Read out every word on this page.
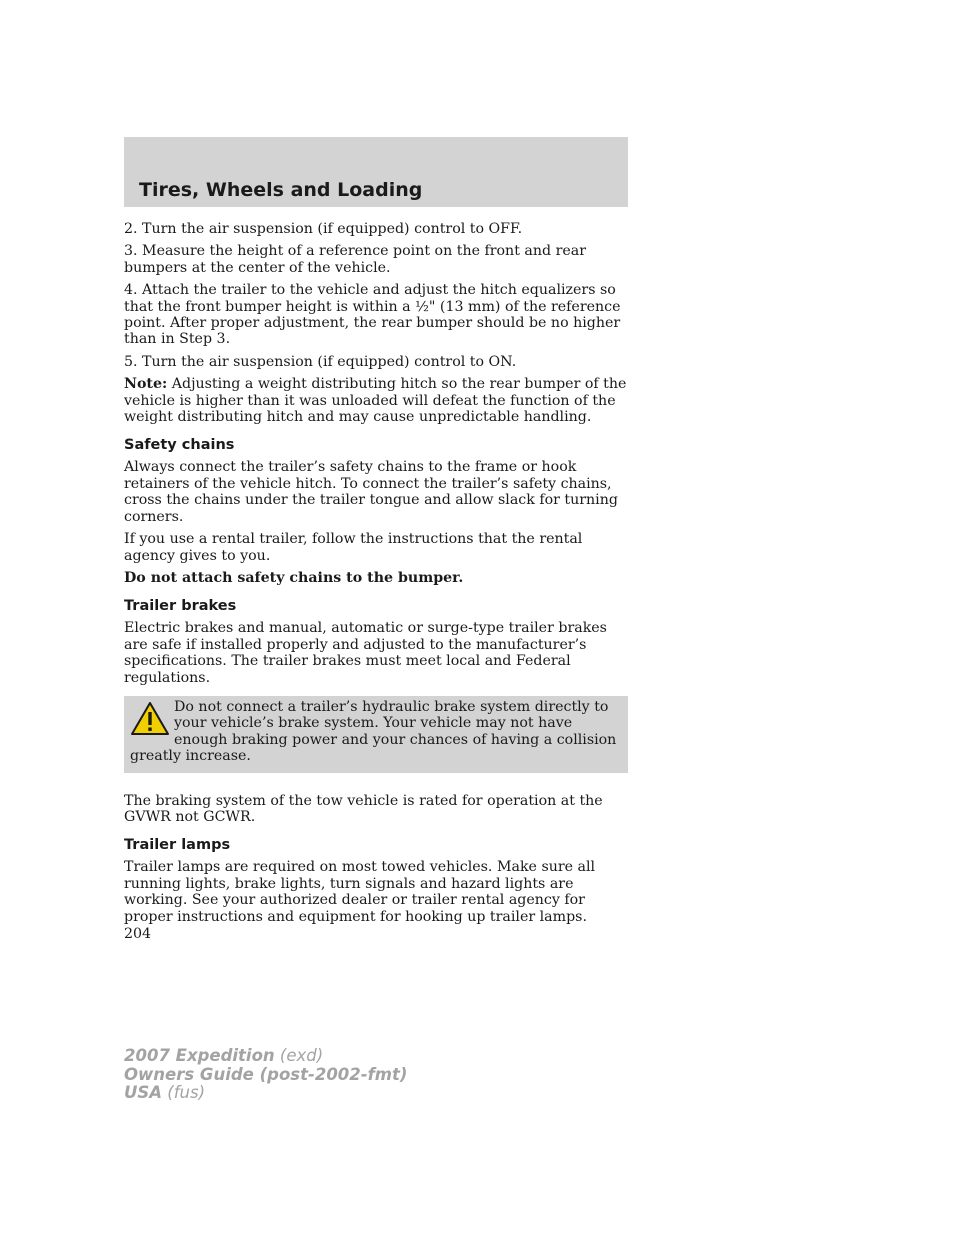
Tires, Wheels and Loading

2. Turn the air suspension (if equipped) control to OFF.

3. Measure the height of a reference point on the front and rear bumpers at the center of the vehicle.

4. Attach the trailer to the vehicle and adjust the hitch equalizers so that the front bumper height is within a ½" (13 mm) of the reference point. After proper adjustment, the rear bumper should be no higher than in Step 3.

5. Turn the air suspension (if equipped) control to ON.

Note: Adjusting a weight distributing hitch so the rear bumper of the vehicle is higher than it was unloaded will defeat the function of the weight distributing hitch and may cause unpredictable handling.

Safety chains

Always connect the trailer’s safety chains to the frame or hook retainers of the vehicle hitch. To connect the trailer’s safety chains, cross the chains under the trailer tongue and allow slack for turning corners.

If you use a rental trailer, follow the instructions that the rental agency gives to you.

Do not attach safety chains to the bumper.

Trailer brakes

Electric brakes and manual, automatic or surge-type trailer brakes are safe if installed properly and adjusted to the manufacturer’s specifications. The trailer brakes must meet local and Federal regulations.

Do not connect a trailer’s hydraulic brake system directly to your vehicle’s brake system. Your vehicle may not have enough braking power and your chances of having a collision greatly increase.

The braking system of the tow vehicle is rated for operation at the GVWR not GCWR.

Trailer lamps

Trailer lamps are required on most towed vehicles. Make sure all running lights, brake lights, turn signals and hazard lights are working. See your authorized dealer or trailer rental agency for proper instructions and equipment for hooking up trailer lamps.

204
2007 Expedition (exd)
Owners Guide (post-2002-fmt)
USA (fus)
